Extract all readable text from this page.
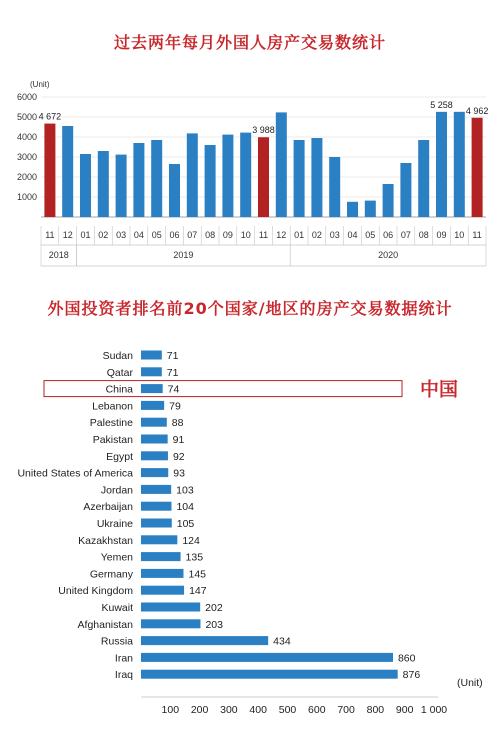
过去两年每月外国人房产交易数统计
(Unit)
1000
2000
3000
4000
5000
6000
11 12 01 02 03 04 05 06 07 08 09 10 11 12 01 02 03 04 05 06 07 08 09 10 11
4 672
3 988
5 258
4 962
2018	2019	2020
外国投资者排名前20个国家/地区的房产交易数据统计
Sudan	71
Qatar	71
China	74	中国
Lebanon	79
Palestine	88
Pakistan	91
Egypt	92
United States of America	93
Jordan	103
Azerbaijan	104
Ukraine	105
Kazakhstan	124
Yemen	135
Germany	145
United Kingdom	147
Kuwait	202
Afghanistan	203
Russia	434
Iran	860
Iraq	876
100 200 300 400 500 600 700 800 900 1 000
(Unit)
